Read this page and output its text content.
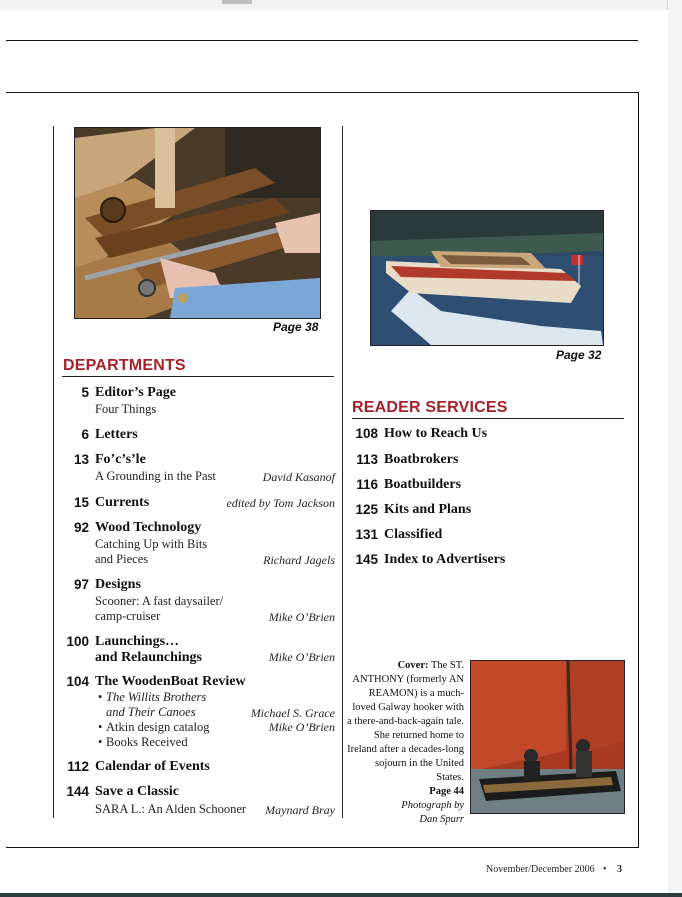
Page 38
Page 32
DEPARTMENTS
5 Editor’s Page
Four Things
6 Letters
13 Fo’c’s’le
A Grounding in the Past	David Kasanof
15 Currents	edited by Tom Jackson
92 Wood Technology
Catching Up with Bits
and Pieces	Richard Jagels
97 Designs
Scooner: A fast daysailer/
camp-cruiser	Mike O’Brien
100 Launchings…
and Relaunchings	Mike O’Brien
104 The WoodenBoat Review
• The Willits Brothers
and Their Canoes	Michael S. Grace
• Atkin design catalog	Mike O’Brien
• Books Received
112 Calendar of Events
144 Save a Classic
SARA L.: An Alden Schooner Maynard Bray
READER SERVICES
108 How to Reach Us
113 Boatbrokers
116 Boatbuilders
125 Kits and Plans
131 Classified
145 Index to Advertisers
Cover: The ST. ANTHONY (formerly AN REAMON) is a much-loved Galway hooker with a there-and-back-again tale. She returned home to Ireland after a decades-long sojourn in the United States.
Page 44
Photograph by
Dan Spurr
November/December 2006 • 3
